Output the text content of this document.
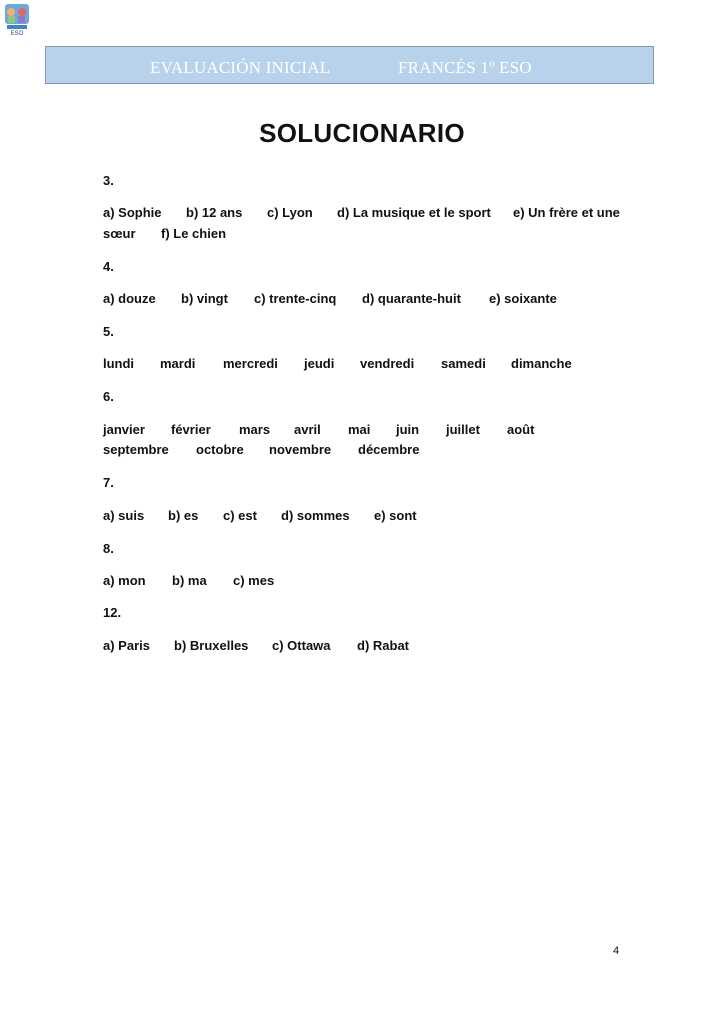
ESO
EVALUACIÓN INICIAL	FRANCÉS 1º ESO
SOLUCIONARIO
3.
a) Sophie b) 12 ans c) Lyon d) La musique et le sport e) Un frère et une
sœur f) Le chien
4.
a) douze b) vingt c) trente-cinq d) quarante-huit e) soixante
5.
lundi mardi mercredi jeudi vendredi samedi dimanche
6.
janvier février mars avril mai juin juillet août
septembre octobre novembre décembre
7.
a) suis b) es c) est d) sommes e) sont
8.
a) mon b) ma c) mes
12.
a) Paris b) Bruxelles c) Ottawa d) Rabat
4
